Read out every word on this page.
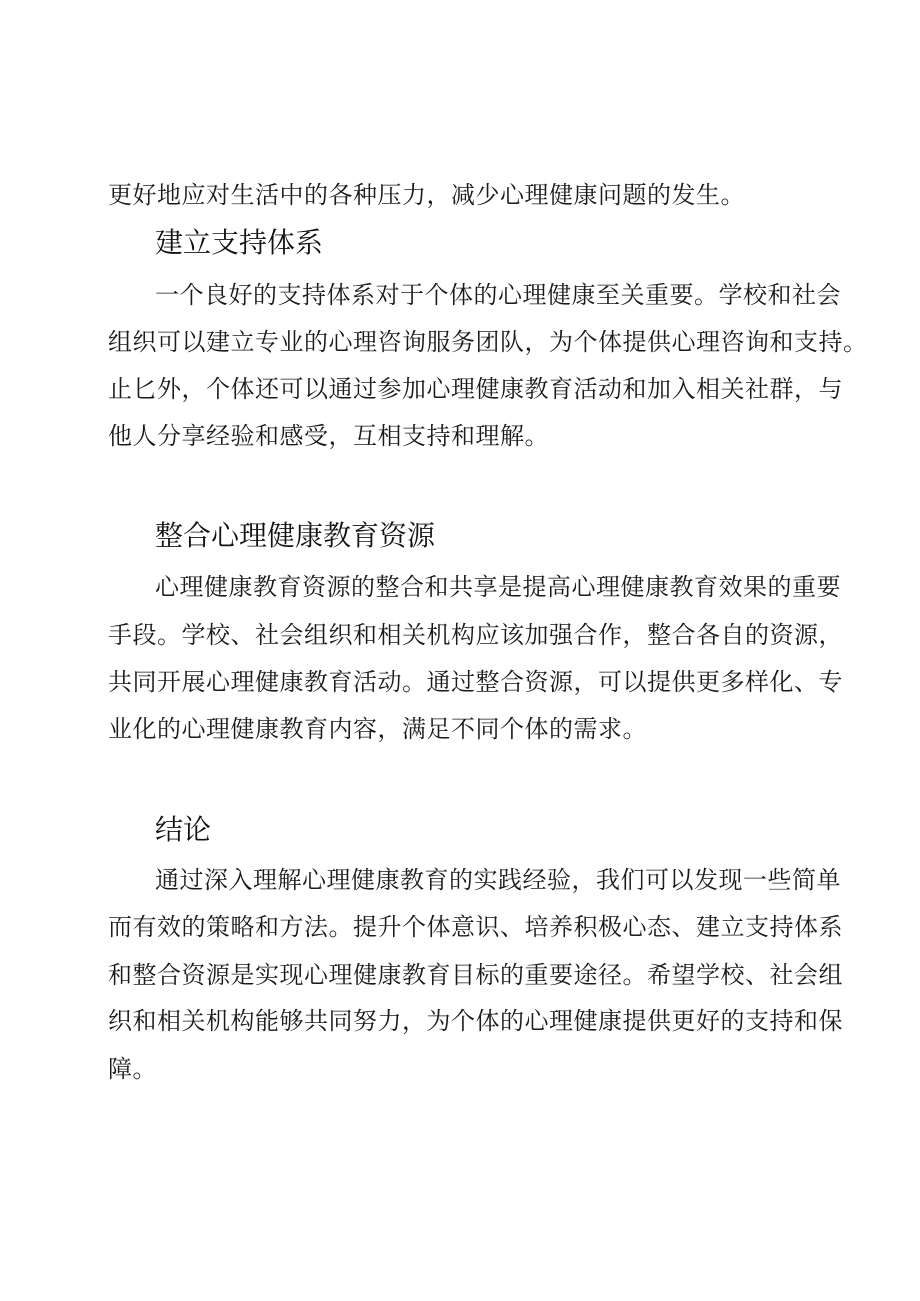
更好地应对生活中的各种压力，减少心理健康问题的发生。
建立支持体系
一个良好的支持体系对于个体的心理健康至关重要。学校和社会
组织可以建立专业的心理咨询服务团队，为个体提供心理咨询和支持。
止匕外，个体还可以通过参加心理健康教育活动和加入相关社群，与
他人分享经验和感受，互相支持和理解。
整合心理健康教育资源
心理健康教育资源的整合和共享是提高心理健康教育效果的重要
手段。学校、社会组织和相关机构应该加强合作，整合各自的资源，
共同开展心理健康教育活动。通过整合资源，可以提供更多样化、专
业化的心理健康教育内容，满足不同个体的需求。
结论
通过深入理解心理健康教育的实践经验，我们可以发现一些简单
而有效的策略和方法。提升个体意识、培养积极心态、建立支持体系
和整合资源是实现心理健康教育目标的重要途径。希望学校、社会组
织和相关机构能够共同努力，为个体的心理健康提供更好的支持和保
障。
